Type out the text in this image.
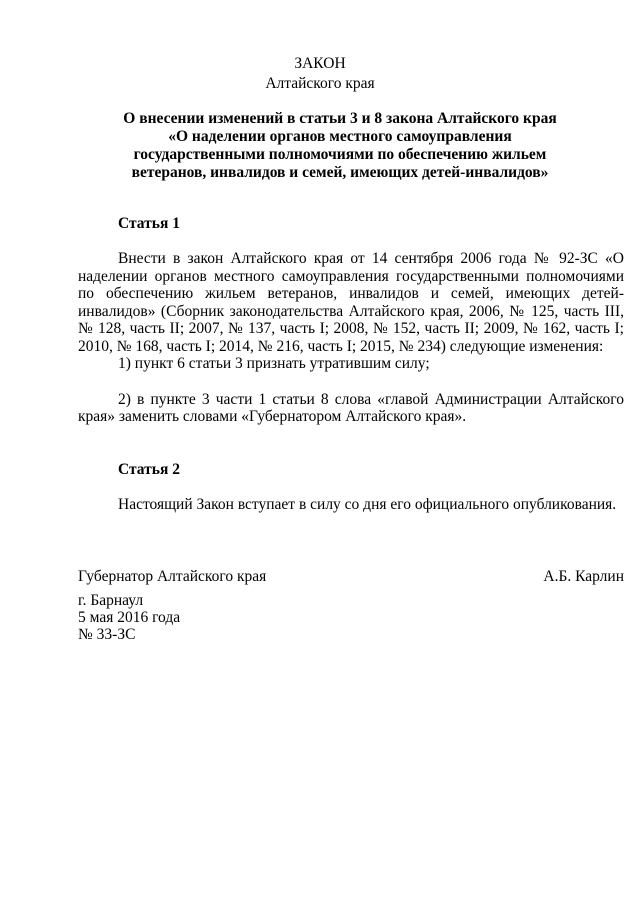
ЗАКОН
Алтайского края
О внесении изменений в статьи 3 и 8 закона Алтайского края «О наделении органов местного самоуправления государственными полномочиями по обеспечению жильем ветеранов, инвалидов и семей, имеющих детей-инвалидов»
Статья 1

Внести в закон Алтайского края от 14 сентября 2006 года № 92-ЗС «О наделении органов местного самоуправления государственными полномочиями по обеспечению жильем ветеранов, инвалидов и семей, имеющих детей-инвалидов» (Сборник законодательства Алтайского края, 2006, № 125, часть III, № 128, часть II; 2007, № 137, часть I; 2008, № 152, часть II; 2009, № 162, часть I; 2010, № 168, часть I; 2014, № 216, часть I; 2015, № 234) следующие изменения:

1) пункт 6 статьи 3 признать утратившим силу;

2) в пункте 3 части 1 статьи 8 слова «главой Администрации Алтайского края» заменить словами «Губернатором Алтайского края».

Статья 2

Настоящий Закон вступает в силу со дня его официального опубликования.

Губернатор Алтайского края	А.Б. Карлин
г. Барнаул
5 мая 2016 года
№ 33-ЗС
